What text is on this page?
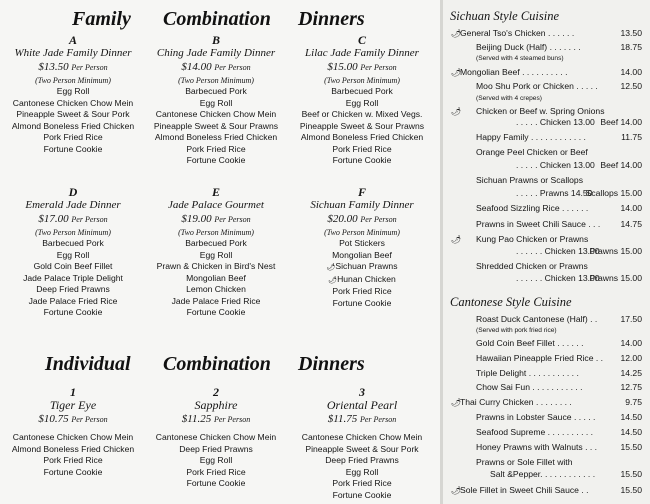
Family Combination Dinners
Individual Combination Dinners
A
White Jade Family Dinner
$13.50 Per Person
(Two Person Minimum)
Egg Roll
Cantonese Chicken Chow Mein
Pineapple Sweet & Sour Pork
Almond Boneless Fried Chicken
Pork Fried Rice
Fortune Cookie
B
Ching Jade Family Dinner
$14.00 Per Person
(Two Person Minimum)
Barbecued Pork
Egg Roll
Cantonese Chicken Chow Mein
Pineapple Sweet & Sour Prawns
Almond Boneless Fried Chicken
Pork Fried Rice
Fortune Cookie
C
Lilac Jade Family Dinner
$15.00 Per Person
(Two Person Minimum)
Barbecued Pork
Egg Roll
Beef or Chicken w. Mixed Vegs.
Pineapple Sweet & Sour Prawns
Almond Boneless Fried Chicken
Pork Fried Rice
Fortune Cookie
D
Emerald Jade Dinner
$17.00 Per Person
(Two Person Minimum)
Barbecued Pork
Egg Roll
Gold Coin Beef Fillet
Jade Palace Triple Delight
Deep Fried Prawns
Jade Palace Fried Rice
Fortune Cookie
E
Jade Palace Gourmet
$19.00 Per Person
(Two Person Minimum)
Barbecued Pork
Egg Roll
Prawn & Chicken in Bird's Nest
Mongolian Beef
Lemon Chicken
Jade Palace Fried Rice
Fortune Cookie
F
Sichuan Family Dinner
$20.00 Per Person
(Two Person Minimum)
Pot Stickers
Mongolian Beef
🌶Sichuan Prawns
🌶Hunan Chicken
Pork Fried Rice
Fortune Cookie
1
Tiger Eye
$10.75 Per Person
Cantonese Chicken Chow Mein
Almond Boneless Fried Chicken
Pork Fried Rice
Fortune Cookie
2
Sapphire
$11.25 Per Person
Cantonese Chicken Chow Mein
Deep Fried Prawns
Egg Roll
Pork Fried Rice
Fortune Cookie
3
Oriental Pearl
$11.75 Per Person
Cantonese Chicken Chow Mein
Pineapple Sweet & Sour Pork
Deep Fried Prawns
Egg Roll
Pork Fried Rice
Fortune Cookie
Sichuan Style Cuisine
🌶
General Tso's Chicken . . . . . .	13.50
Beijing Duck (Half) . . . . . . .	18.75
(Served with 4 steamed buns)
🌶
Mongolian Beef . . . . . . . . . .	14.00
Moo Shu Pork or Chicken . . . . .	12.50
(Served with 4 crepes)
🌶 Chicken or Beef w. Spring Onions
. . . . . Chicken 13.00 Beef 14.00
Happy Family . . . . . . . . . . . .	11.75
Orange Peel Chicken or Beef
. . . . . Chicken 13.00 Beef 14.00
Sichuan Prawns or Scallops
. . . . . Prawns 14.50
Scallops 15.00
Seafood Sizzling Rice . . . . . .	14.00
Prawns in Sweet Chili Sauce . . . 14.75
🌶 Kung Pao Chicken or Prawns
. . . . . . Chicken 13.00
Prawns 15.00
Shredded Chicken or Prawns
. . . . . . Chicken 13.00
Prawns 15.00
Cantonese Style Cuisine
Roast Duck Cantonese (Half) . .	17.50
(Served with pork fried rice)
Gold Coin Beef Fillet . . . . . .	14.00
Hawaiian Pineapple Fried Rice . . 12.00
Triple Delight . . . . . . . . . . .	14.25
Chow Sai Fun . . . . . . . . . . .	12.75
🌶
Thai Curry Chicken . . . . . . . .	9.75
Prawns in Lobster Sauce . . . . .	14.50
Seafood Supreme . . . . . . . . . .	14.50
Honey Prawns with Walnuts . . .	15.50
Prawns or Sole Fillet with
Salt &Pepper. . . . . . . . . . . .	15.50
🌶
Sole Fillet in Sweet Chili Sauce . .	15.50
